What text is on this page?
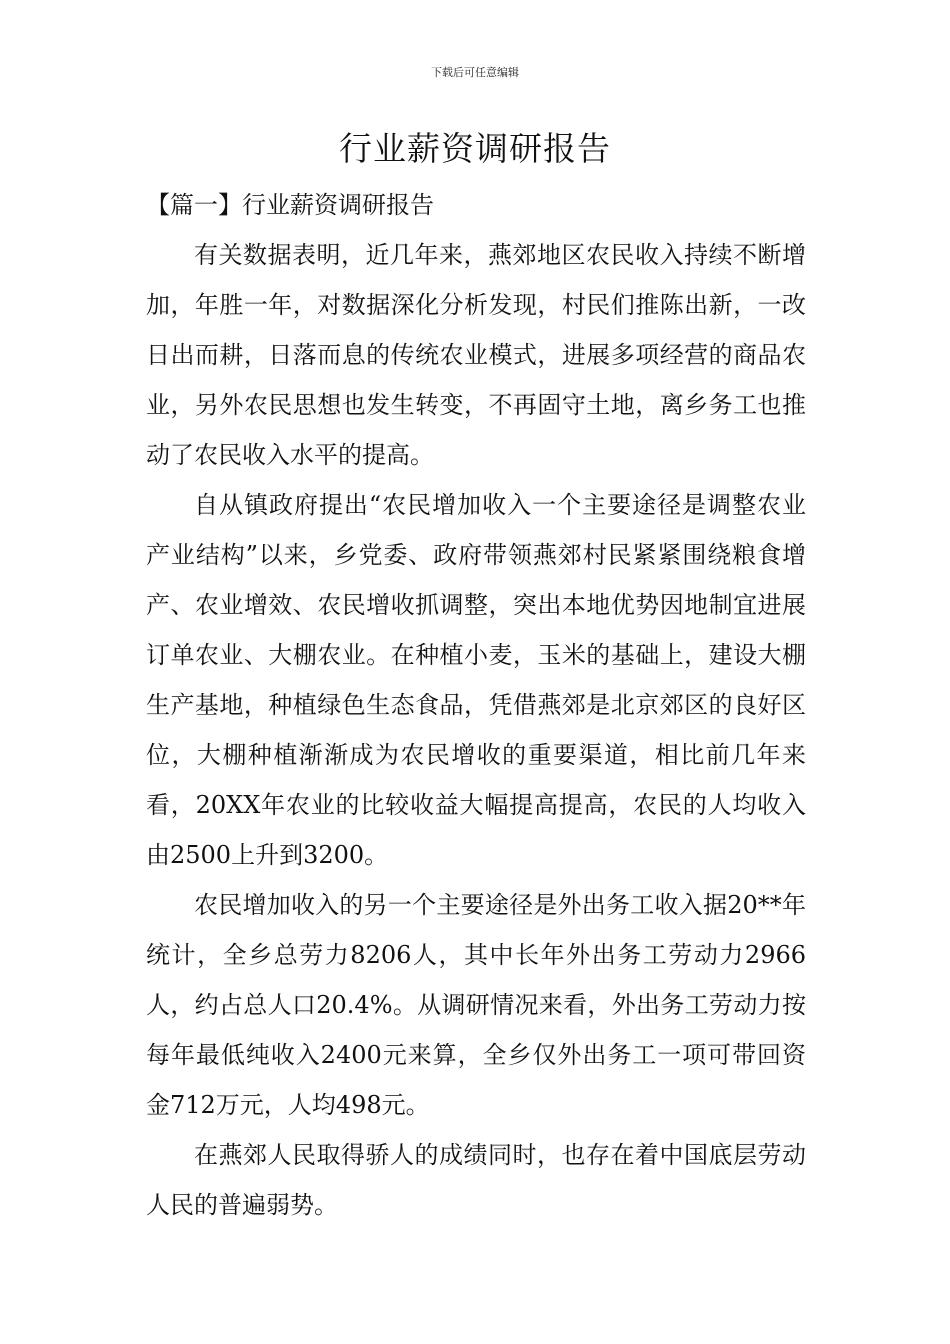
下载后可任意编辑
行业薪资调研报告

【篇一】行业薪资调研报告

有关数据表明，近几年来，燕郊地区农民收入持续不断增加，年胜一年，对数据深化分析发现，村民们推陈出新，一改日出而耕，日落而息的传统农业模式，进展多项经营的商品农业，另外农民思想也发生转变，不再固守土地，离乡务工也推动了农民收入水平的提高。

自从镇政府提出“农民增加收入一个主要途径是调整农业产业结构”以来，乡党委、政府带领燕郊村民紧紧围绕粮食增产、农业增效、农民增收抓调整，突出本地优势因地制宜进展订单农业、大棚农业。在种植小麦，玉米的基础上，建设大棚生产基地，种植绿色生态食品，凭借燕郊是北京郊区的良好区位，大棚种植渐渐成为农民增收的重要渠道，相比前几年来看，20XX年农业的比较收益大幅提高提高，农民的人均收入由2500上升到3200。

农民增加收入的另一个主要途径是外出务工收入据20**年统计，全乡总劳力8206人，其中长年外出务工劳动力2966人，约占总人口20.4%。从调研情况来看，外出务工劳动力按每年最低纯收入2400元来算，全乡仅外出务工一项可带回资金712万元，人均498元。

在燕郊人民取得骄人的成绩同时，也存在着中国底层劳动人民的普遍弱势。
